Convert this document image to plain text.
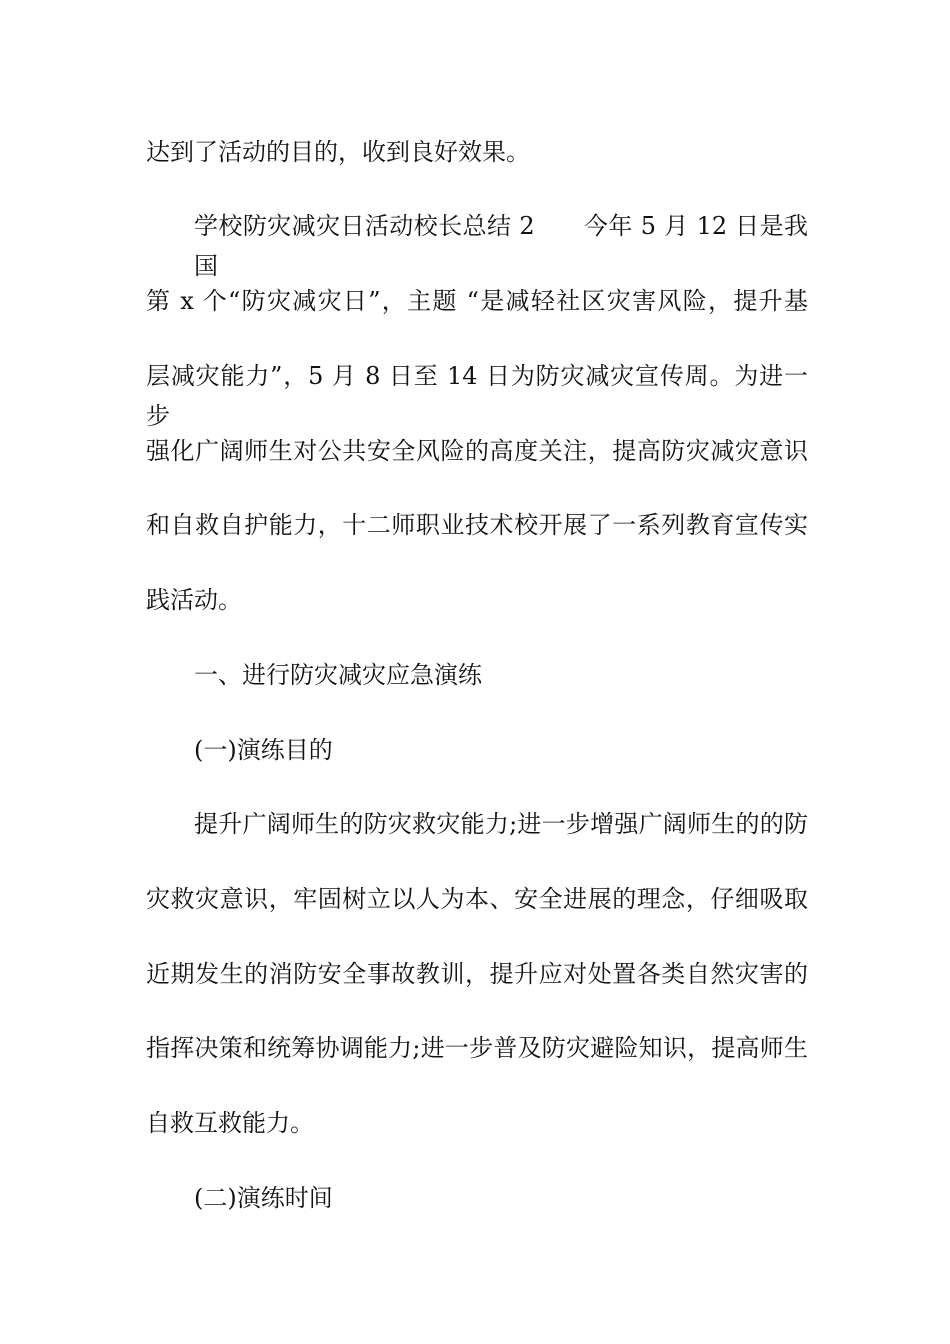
达到了活动的目的，收到良好效果。
学校防灾减灾日活动校长总结 2　　今年 5 月 12 日是我国
第 x 个“防灾减灾日”，主题 “是减轻社区灾害风险，提升基
层减灾能力”，5 月 8 日至 14 日为防灾减灾宣传周。为进一步
强化广阔师生对公共安全风险的高度关注，提高防灾减灾意识
和自救自护能力，十二师职业技术校开展了一系列教育宣传实
践活动。
一、进行防灾减灾应急演练
(一)演练目的
提升广阔师生的防灾救灾能力;进一步增强广阔师生的的防
灾救灾意识，牢固树立以人为本、安全进展的理念，仔细吸取
近期发生的消防安全事故教训，提升应对处置各类自然灾害的
指挥决策和统筹协调能力;进一步普及防灾避险知识，提高师生
自救互救能力。
(二)演练时间
